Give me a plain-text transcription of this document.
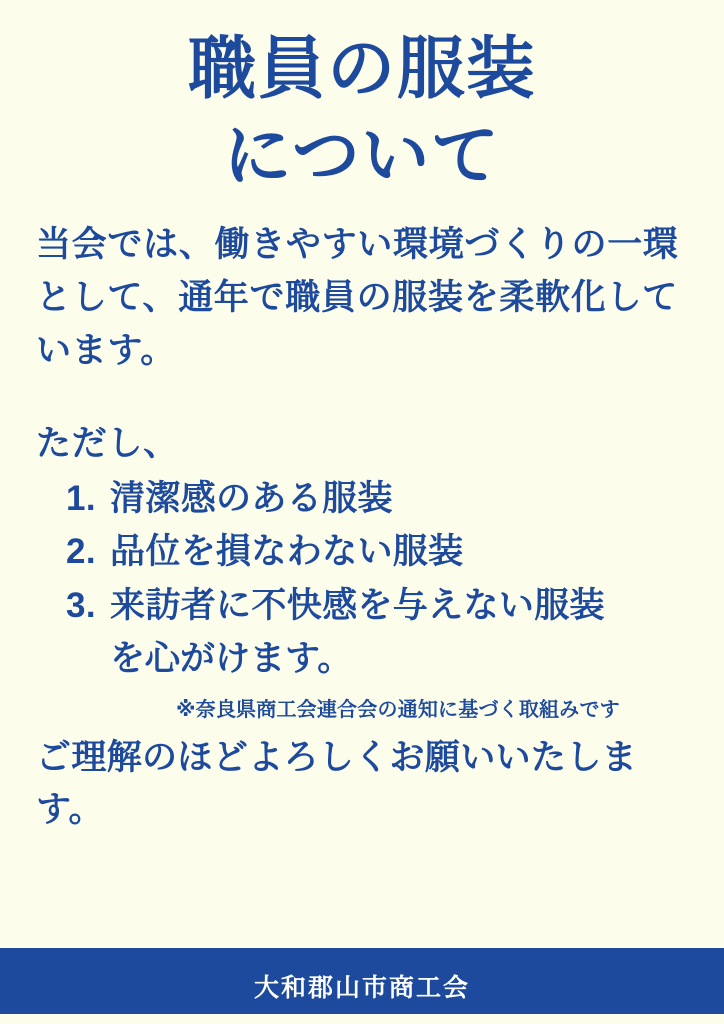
職員の服装
について
当会では、働きやすい環境づくりの一環として、通年で職員の服装を柔軟化しています。
ただし、
1. 清潔感のある服装
2. 品位を損なわない服装
3. 来訪者に不快感を与えない服装
を心がけます。
※奈良県商工会連合会の通知に基づく取組みです
ご理解のほどよろしくお願いいたします。
大和郡山市商工会
